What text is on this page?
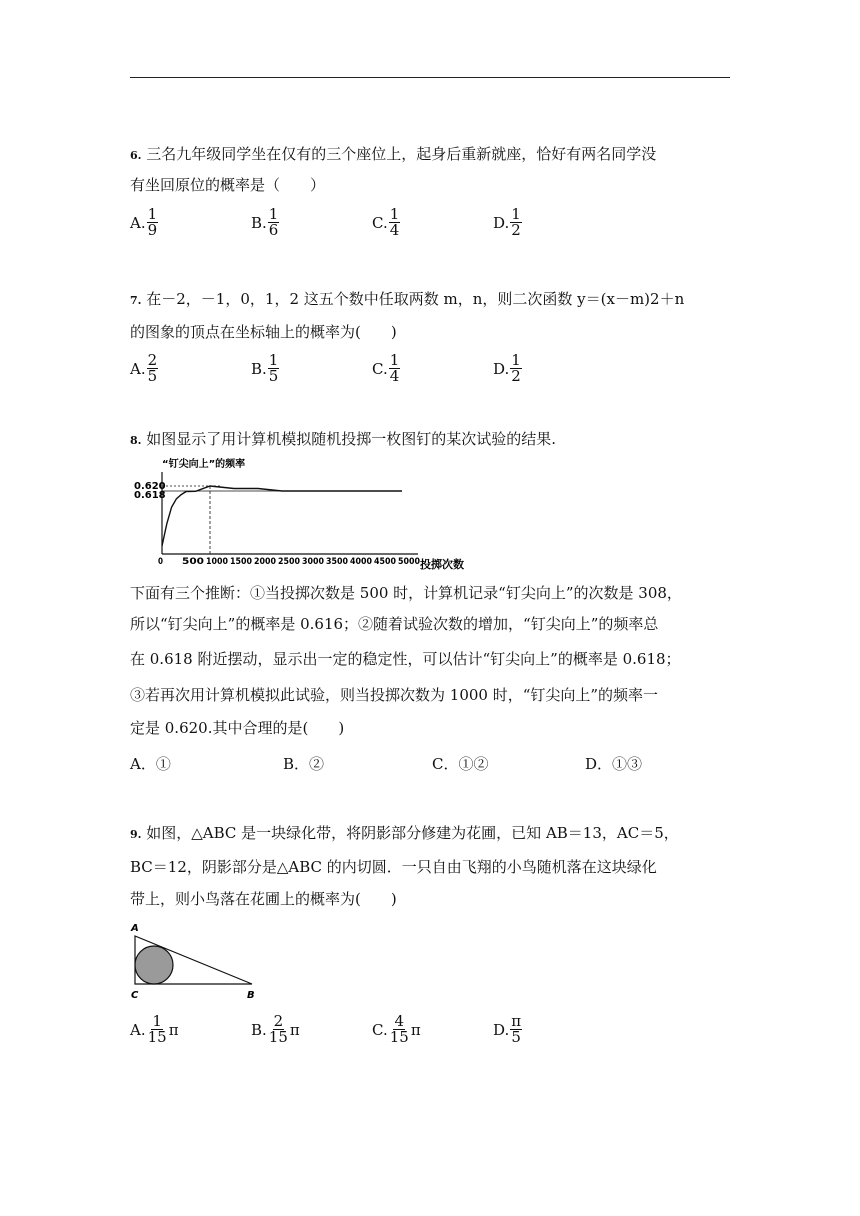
6. 三名九年级同学坐在仅有的三个座位上，起身后重新就座，恰好有两名同学没
有坐回原位的概率是（　　）
A. $\frac{1}{9}$	B. $\frac{1}{6}$	C. $\frac{1}{4}$	D. $\frac{1}{2}$
7. 在－2，－1，0，1，2 这五个数中任取两数 m，n，则二次函数 y＝(x－m)2＋n
的图象的顶点在坐标轴上的概率为(　　)
A. $\frac{2}{5}$	B. $\frac{1}{5}$	C. $\frac{1}{4}$	D. $\frac{1}{2}$
8. 如图显示了用计算机模拟随机投掷一枚图钉的某次试验的结果.
“钉尖向上”的频率
0.620
0.618
0 500 1000 1500 2000 2500 3000 3500 4000 4500 5000 投掷次数
下面有三个推断：①当投掷次数是 500 时，计算机记录“钉尖向上”的次数是 308，
所以“钉尖向上”的概率是 0.616；②随着试验次数的增加，“钉尖向上”的频率总
在 0.618 附近摆动，显示出一定的稳定性，可以估计“钉尖向上”的概率是 0.618；
③若再次用计算机模拟此试验，则当投掷次数为 1000 时，“钉尖向上”的频率一
定是 0.620.其中合理的是(　　)
A．①	B．②	C．①②	D．①③
9. 如图，△ABC 是一块绿化带，将阴影部分修建为花圃，已知 AB＝13，AC＝5，
BC＝12，阴影部分是△ABC 的内切圆．一只自由飞翔的小鸟随机落在这块绿化
带上，则小鸟落在花圃上的概率为(　　)
A
C	B
A. $\frac{1}{15}$ π	B. $\frac{2}{15}$ π	C. $\frac{4}{15}$ π	D. $\frac{\pi}{5}$
